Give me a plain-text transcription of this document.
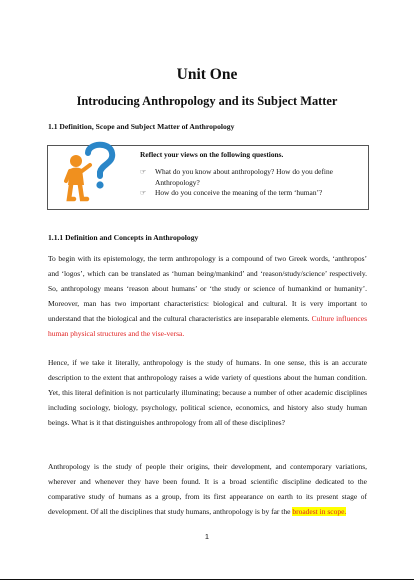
Unit One
Introducing Anthropology and its Subject Matter
1.1 Definition, Scope and Subject Matter of Anthropology
Reflect your views on the following questions.
☞	What do you know about anthropology? How do you define Anthropology?
☞	How do you conceive the meaning of the term ‘human’?
1.1.1 Definition and Concepts in Anthropology

To begin with its epistemology, the term anthropology is a compound of two Greek words, ‘anthropos’ and ‘logos’, which can be translated as ‘human being/mankind’ and ‘reason/study/science’ respectively. So, anthropology means ‘reason about humans’ or ‘the study or science of humankind or humanity’. Moreover, man has two important characteristics: biological and cultural. It is very important to understand that the biological and the cultural characteristics are inseparable elements. Culture influences human physical structures and the vise-versa.

Hence, if we take it literally, anthropology is the study of humans. In one sense, this is an accurate description to the extent that anthropology raises a wide variety of questions about the human condition. Yet, this literal definition is not particularly illuminating; because a number of other academic disciplines including sociology, biology, psychology, political science, economics, and history also study human beings. What is it that distinguishes anthropology from all of these disciplines?

Anthropology is the study of people their origins, their development, and contemporary variations, wherever and whenever they have been found. It is a broad scientific discipline dedicated to the comparative study of humans as a group, from its first appearance on earth to its present stage of development. Of all the disciplines that study humans, anthropology is by far the broadest in scope.

1
